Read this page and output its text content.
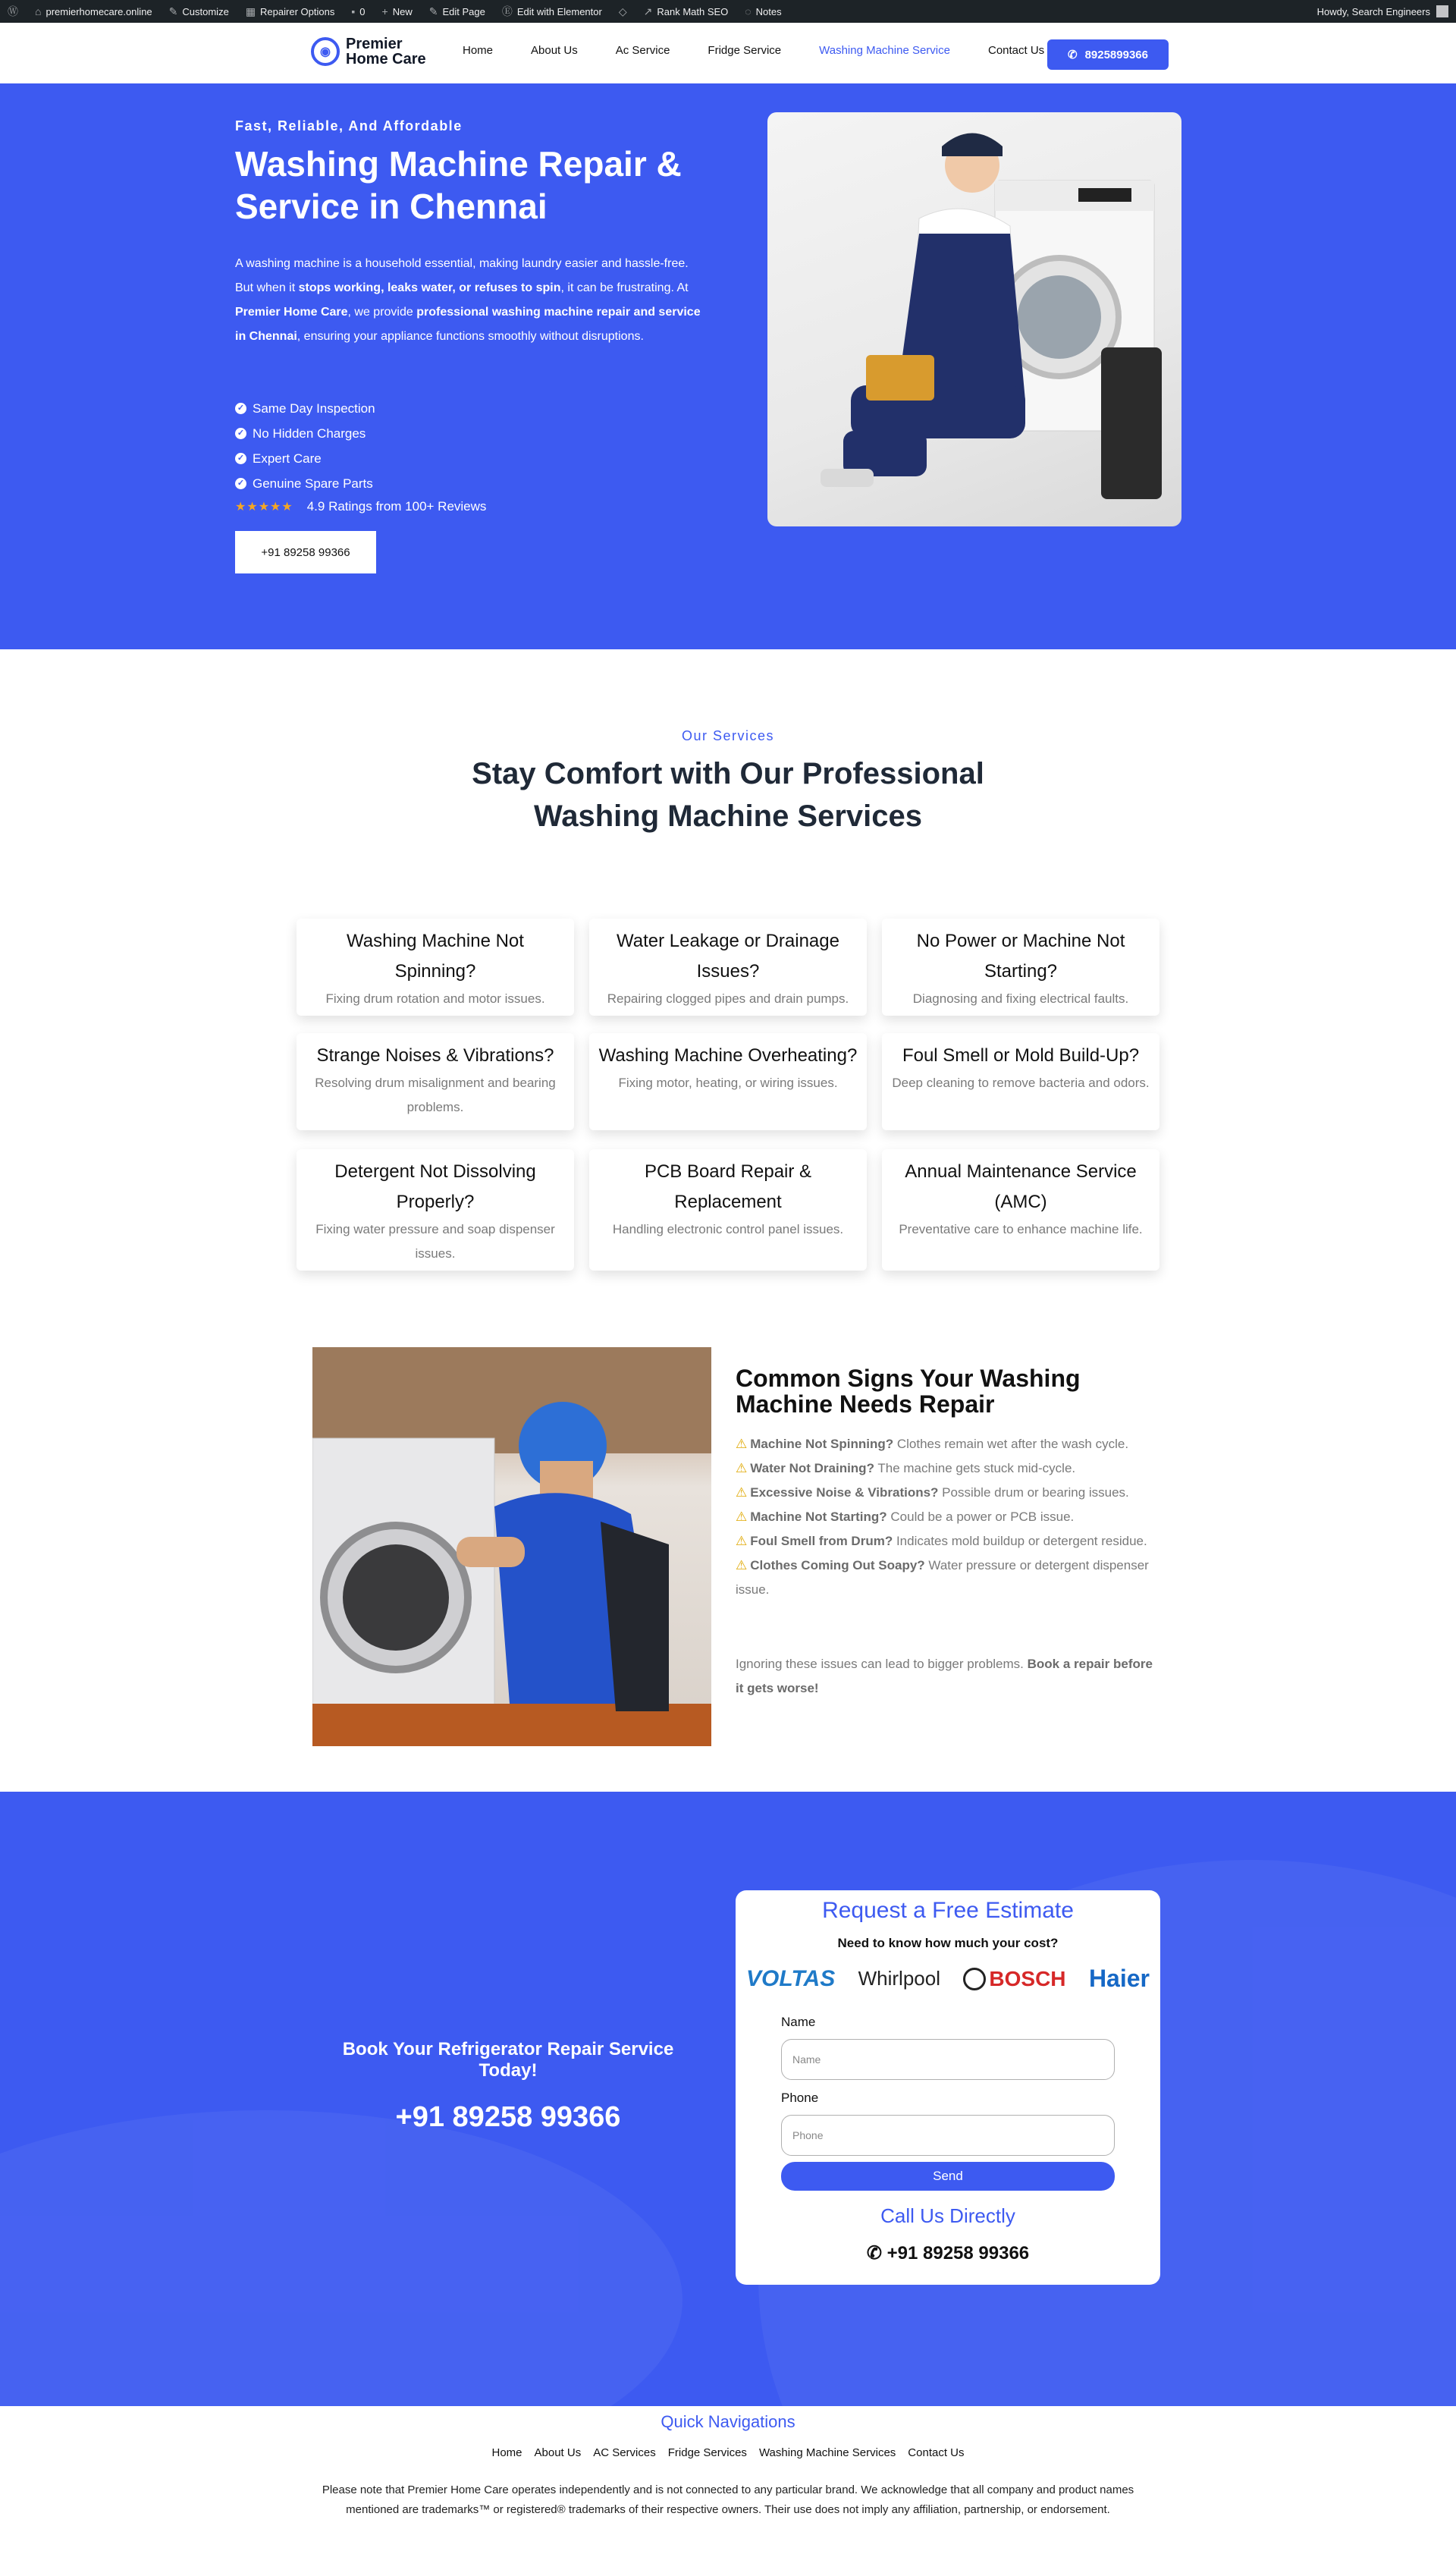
Ⓦ ⌂ premierhomecare.online ✎ Customize ▦ Repairer Options ▪ 0 + New ✎ Edit Page Ⓔ Edit with Elementor ◇ ↗ Rank Math SEO ◌ Notes	Howdy, Search Engineers
◉	Premier
Home Care
Home	About Us	Ac Service	Fridge Service	Washing Machine Service	Contact Us ✆ 8925899366
Fast, Reliable, And Affordable
Washing Machine Repair & Service in Chennai

A washing machine is a household essential, making laundry easier and hassle-free. But when it stops working, leaks water, or refuses to spin, it can be frustrating. At Premier Home Care, we provide professional washing machine repair and service in Chennai, ensuring your appliance functions smoothly without disruptions.

✓ Same Day Inspection
✓ No Hidden Charges
✓ Expert Care
✓ Genuine Spare Parts
★★★★★ 4.9 Ratings from 100+ Reviews
+91 89258 99366
Our Services
Stay Comfort with Our Professional Washing Machine Services
Washing Machine Not Spinning?

Fixing drum rotation and motor issues.

Water Leakage or Drainage Issues?

Repairing clogged pipes and drain pumps.

No Power or Machine Not Starting?

Diagnosing and fixing electrical faults.

Strange Noises & Vibrations?

Resolving drum misalignment and bearing problems.

Washing Machine Overheating?

Fixing motor, heating, or wiring issues.

Foul Smell or Mold Build-Up?

Deep cleaning to remove bacteria and odors.

Detergent Not Dissolving Properly?

Fixing water pressure and soap dispenser issues.

PCB Board Repair & Replacement

Handling electronic control panel issues.

Annual Maintenance Service (AMC)

Preventative care to enhance machine life.

Common Signs Your Washing Machine Needs Repair
⚠ Machine Not Spinning? Clothes remain wet after the wash cycle.
⚠ Water Not Draining? The machine gets stuck mid-cycle.
⚠ Excessive Noise & Vibrations? Possible drum or bearing issues.
⚠ Machine Not Starting? Could be a power or PCB issue.
⚠ Foul Smell from Drum? Indicates mold buildup or detergent residue.
⚠ Clothes Coming Out Soapy? Water pressure or detergent dispenser issue.

Ignoring these issues can lead to bigger problems. Book a repair before it gets worse!

Book Your Refrigerator Repair Service Today!
+91 89258 99366
Request a Free Estimate
Need to know how much your cost?
VOLTAS Whirlpool BOSCH Haier
Name
Name
Phone
Phone
Send
Call Us Directly
✆ +91 89258 99366
Quick Navigations
Home About Us AC Services Fridge Services Washing Machine Services Contact Us

Please note that Premier Home Care operates independently and is not connected to any particular brand. We acknowledge that all company and product names mentioned are trademarks™ or registered® trademarks of their respective owners. Their use does not imply any affiliation, partnership, or endorsement.
